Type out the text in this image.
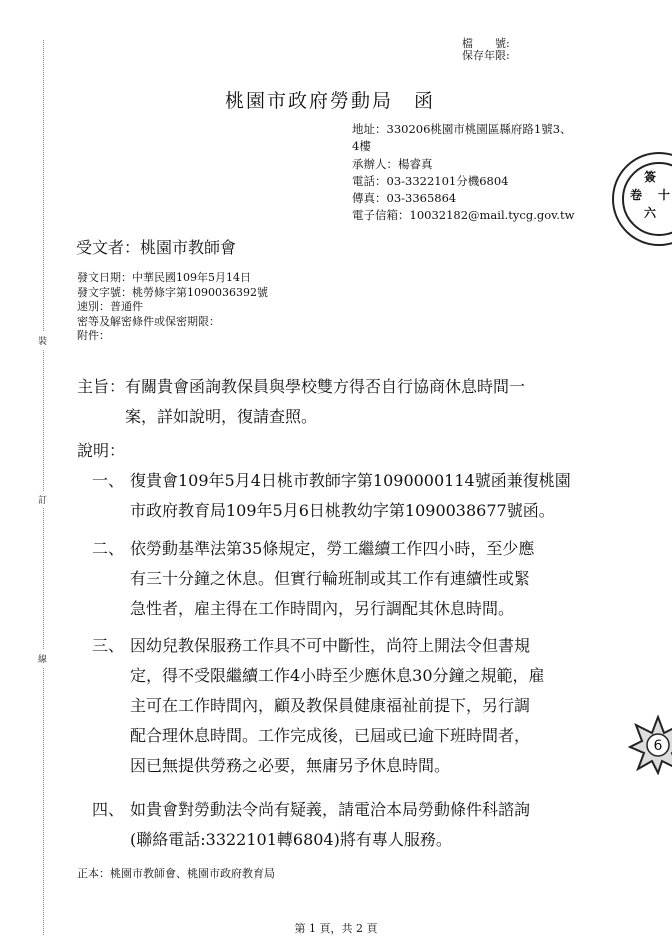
裝
訂
線
檔　　號:
保存年限:
桃園市政府勞動局　函
地址：330206桃園市桃園區縣府路1號3、
4樓
承辦人：楊睿真
電話：03-3322101分機6804
傳真：03-3365864
電子信箱：10032182@mail.tycg.gov.tw
受文者：桃園市教師會
發文日期：中華民國109年5月14日
發文字號：桃勞條字第1090036392號
速別：普通件
密等及解密條件或保密期限：
附件：
主旨：有關貴會函詢教保員與學校雙方得否自行協商休息時間一
案，詳如說明，復請查照。
說明：
一、 復貴會109年5月4日桃市教師字第1090000114號函兼復桃園
市政府教育局109年5月6日桃教幼字第1090038677號函。
二、 依勞動基準法第35條規定，勞工繼續工作四小時，至少應
有三十分鐘之休息。但實行輪班制或其工作有連續性或緊
急性者，雇主得在工作時間內，另行調配其休息時間。
三、 因幼兒教保服務工作具不可中斷性，尚符上開法令但書規
定，得不受限繼續工作4小時至少應休息30分鐘之規範，雇
主可在工作時間內，顧及教保員健康福祉前提下，另行調
配合理休息時間。工作完成後，已屆或已逾下班時間者，
因已無提供勞務之必要，無庸另予休息時間。
四、 如貴會對勞動法令尚有疑義，請電洽本局勞動條件科諮詢
(聯絡電話:3322101轉6804)將有專人服務。
正本：桃園市教師會、桃園市政府教育局
第 1 頁，共 2 頁
簽
卷
六
十
6
